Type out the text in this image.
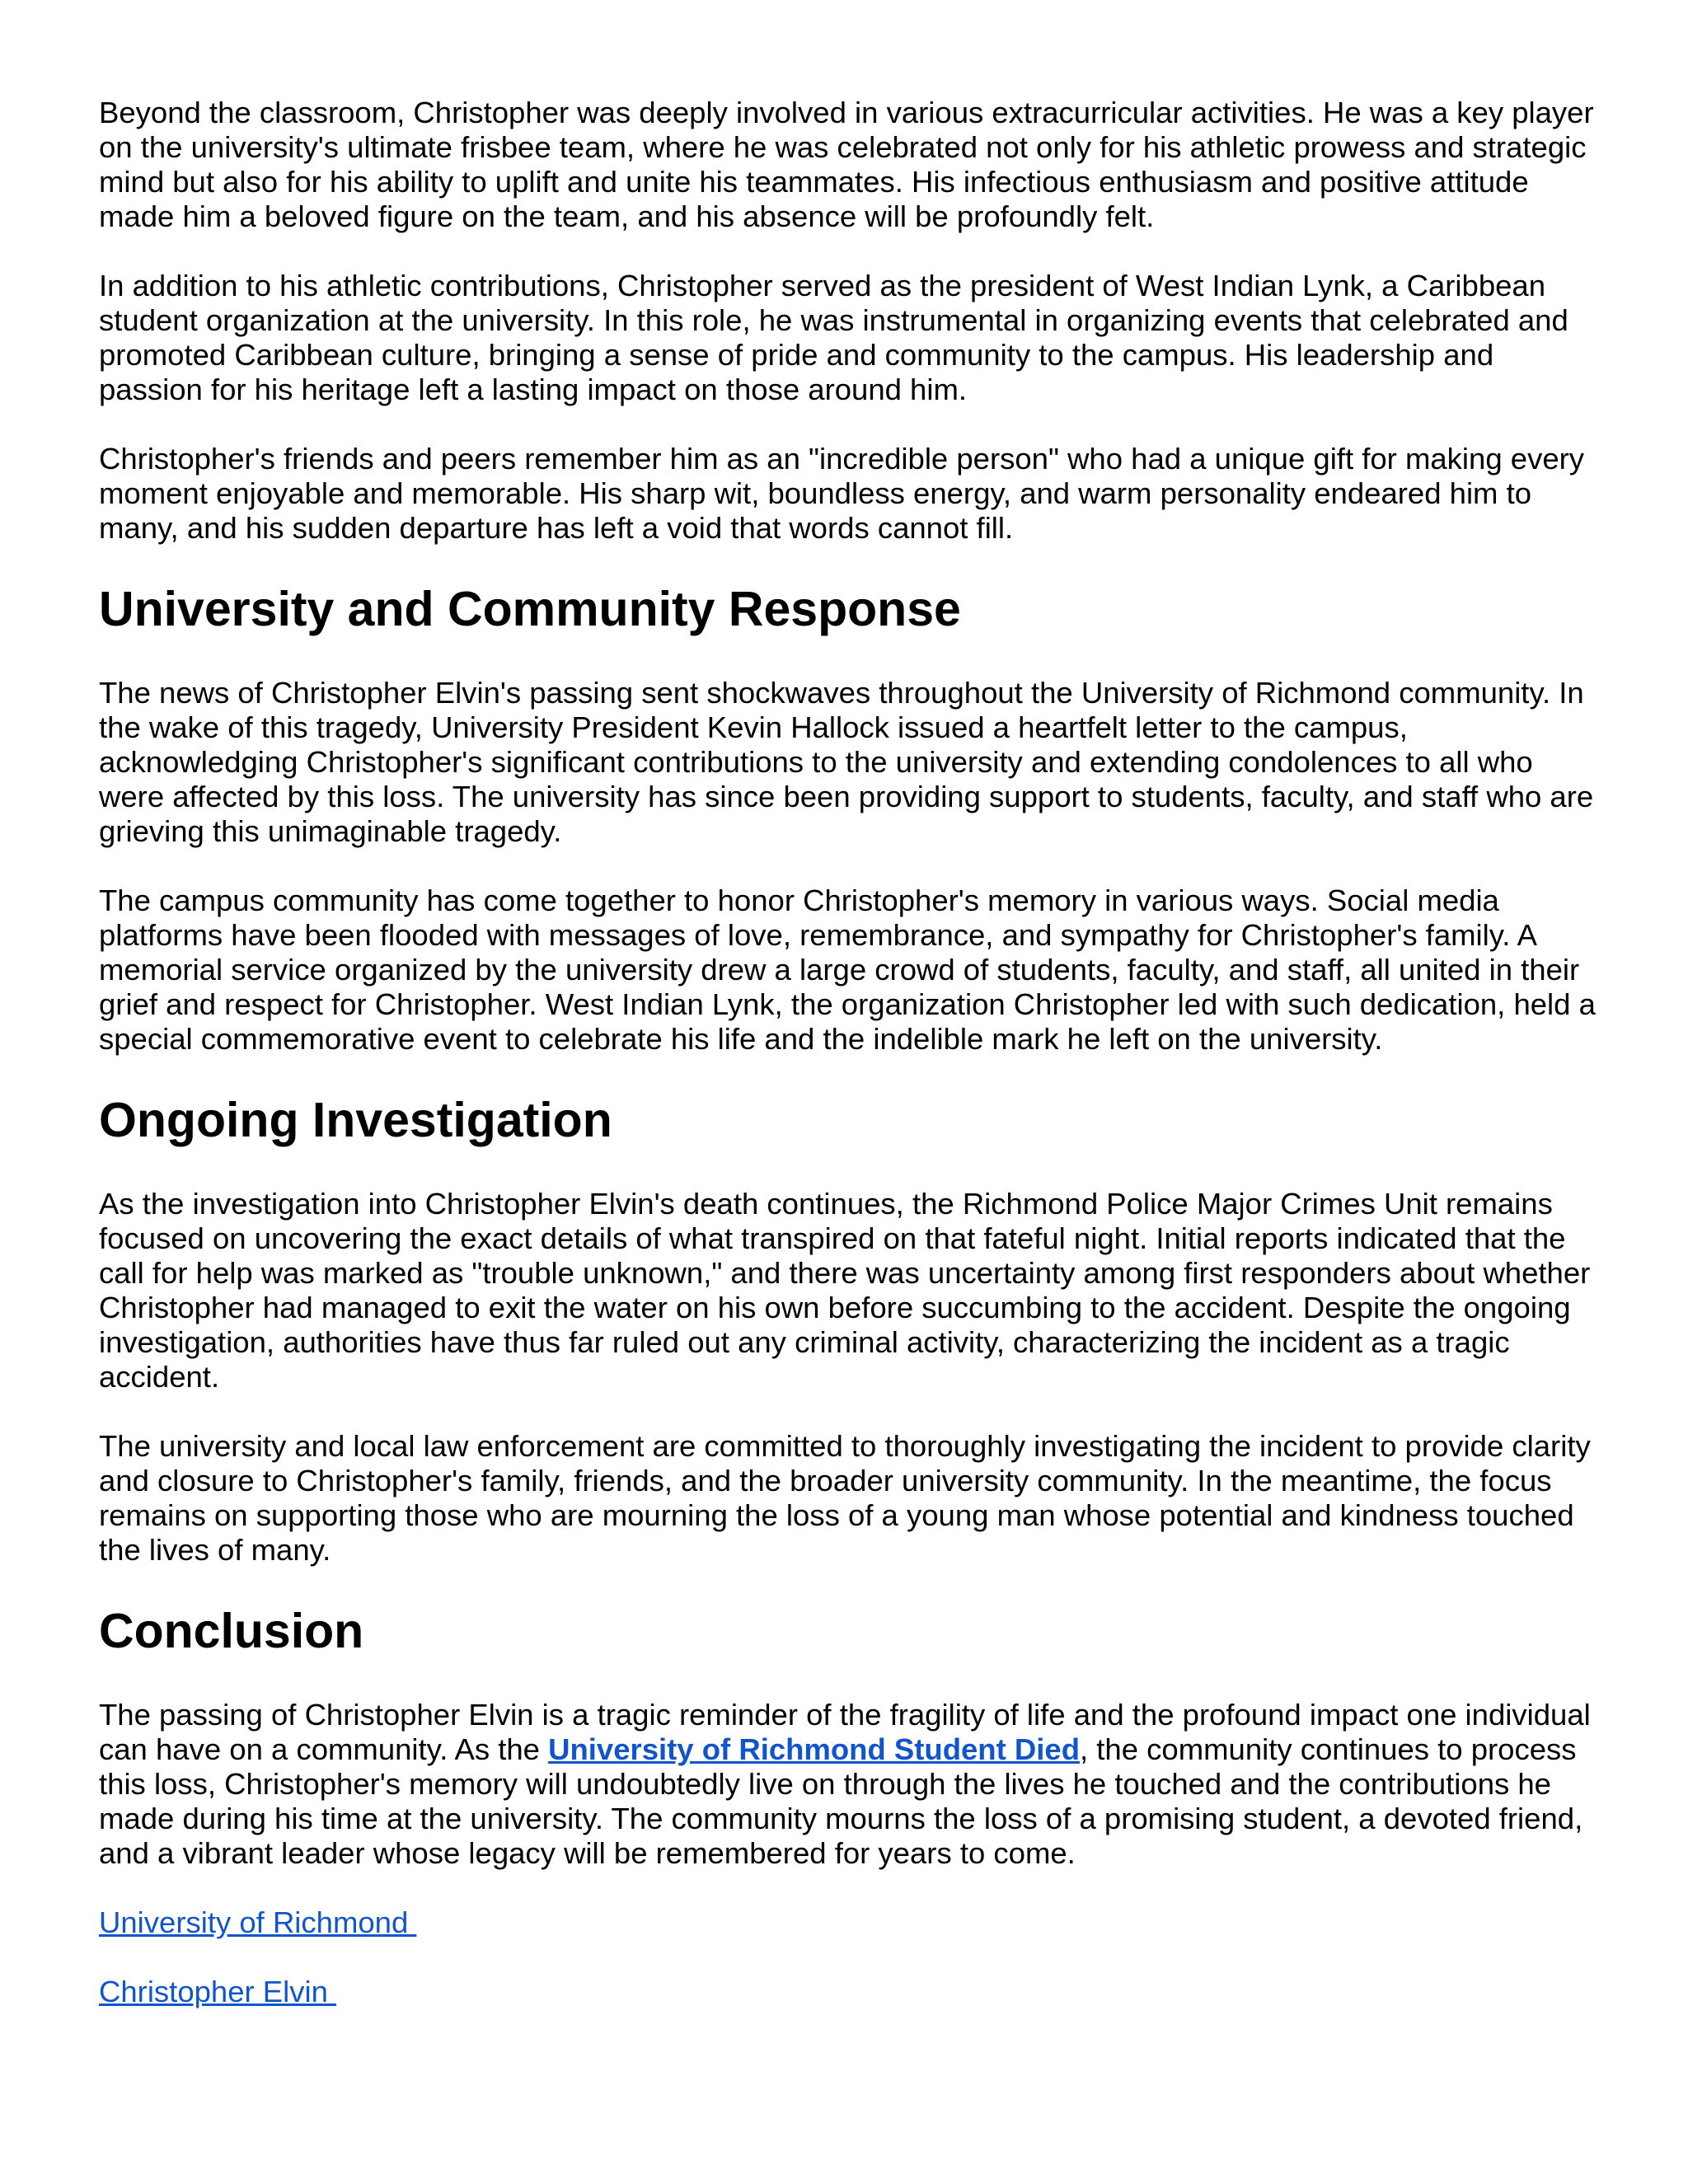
Beyond the classroom, Christopher was deeply involved in various extracurricular activities. He was a key player on the university's ultimate frisbee team, where he was celebrated not only for his athletic prowess and strategic mind but also for his ability to uplift and unite his teammates. His infectious enthusiasm and positive attitude made him a beloved figure on the team, and his absence will be profoundly felt.

In addition to his athletic contributions, Christopher served as the president of West Indian Lynk, a Caribbean student organization at the university. In this role, he was instrumental in organizing events that celebrated and promoted Caribbean culture, bringing a sense of pride and community to the campus. His leadership and passion for his heritage left a lasting impact on those around him.

Christopher's friends and peers remember him as an "incredible person" who had a unique gift for making every moment enjoyable and memorable. His sharp wit, boundless energy, and warm personality endeared him to many, and his sudden departure has left a void that words cannot fill.

University and Community Response

The news of Christopher Elvin's passing sent shockwaves throughout the University of Richmond community. In the wake of this tragedy, University President Kevin Hallock issued a heartfelt letter to the campus, acknowledging Christopher's significant contributions to the university and extending condolences to all who were affected by this loss. The university has since been providing support to students, faculty, and staff who are grieving this unimaginable tragedy.

The campus community has come together to honor Christopher's memory in various ways. Social media platforms have been flooded with messages of love, remembrance, and sympathy for Christopher's family. A memorial service organized by the university drew a large crowd of students, faculty, and staff, all united in their grief and respect for Christopher. West Indian Lynk, the organization Christopher led with such dedication, held a special commemorative event to celebrate his life and the indelible mark he left on the university.

Ongoing Investigation

As the investigation into Christopher Elvin's death continues, the Richmond Police Major Crimes Unit remains focused on uncovering the exact details of what transpired on that fateful night. Initial reports indicated that the call for help was marked as "trouble unknown," and there was uncertainty among first responders about whether Christopher had managed to exit the water on his own before succumbing to the accident. Despite the ongoing investigation, authorities have thus far ruled out any criminal activity, characterizing the incident as a tragic accident.

The university and local law enforcement are committed to thoroughly investigating the incident to provide clarity and closure to Christopher's family, friends, and the broader university community. In the meantime, the focus remains on supporting those who are mourning the loss of a young man whose potential and kindness touched the lives of many.

Conclusion

The passing of Christopher Elvin is a tragic reminder of the fragility of life and the profound impact one individual can have on a community. As the University of Richmond Student Died, the community continues to process this loss, Christopher's memory will undoubtedly live on through the lives he touched and the contributions he made during his time at the university. The community mourns the loss of a promising student, a devoted friend, and a vibrant leader whose legacy will be remembered for years to come.

University of Richmond

Christopher Elvin
